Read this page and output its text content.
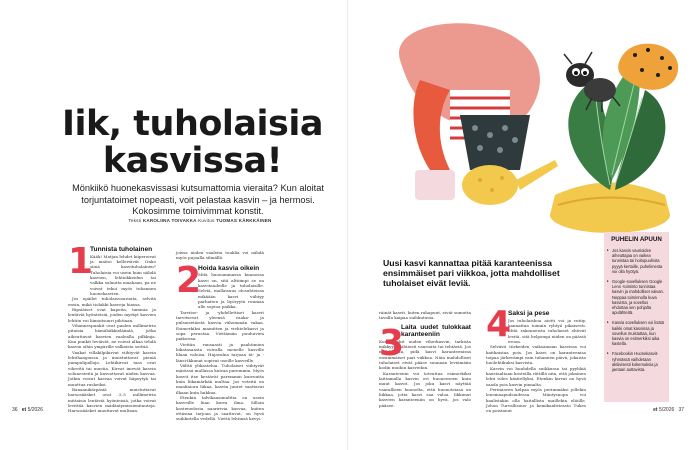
Iik, tuholaisia kasvissa!

Mönkiikö huonekasvissasi kutsumattomia vieraita? Kun aloitat torjuntatoimet nopeasti, voit pelastaa kasvin – ja hermosi. Kokosimme toimivimmat konstit.

Teksti KAROLIINA TOIVAKKA Kuvitus TUOMAS KÄRKKÄINEN
1
Tunnista tuholainen

Kääk! Matjan lehdet kiiperoivat ja maitoi kellertävät. Onko siinä kasvituholainen? Tuholaisia voi usein kuin nähdä kasvien, lehtiokkeiden tai valkka sulautta maahaan, pa ne voivat tekoi myös tuhannen huonekasvien.

Jos epäilet tuholaisvaurioita, selvitä ensin, mikä tiolakki kasveja hiassa.

Ripsiäiset ovat kapeita, tummia ja lentäviä hyönteisiä, joiden myrkyt kasvien lehtiin voi liimoitsuuri pihtiaan.

Vihannespunkit ovat paalen millimetrin pituisia hämähäkkieläimiä, jotka aiheuttavat kasvien vaalealla pilkkuja. Kun punkit leviävät, ne voivat alkaa tehdä kasvin oihin ympärille valkoista seittiä.

Vaakat villakilpikirvat viihtyvät kasvin lehtihangoissa ja muistuttavat pieniä pumpulipalloja. Lehtikirvat taas ovat vihreitä tai mustia. Kirvat imevät kasvin solunesteitä ja kasvattavat niiden kasvua. Jotkin voivat kasvaa voivat häpeytyä tai muuttua ruskeiksi.

Banaanikärpäsiä muistuttavat harsosääsket ovat 3–5 millimetrin mittaisia lentäviä hyönteisiä, jotka voivat levittää kasvien mädäntymissienitauteja. Harsosääsket muuttavat multaan.

joissa niiden vaaleita touklia voi nähdä myös pujoalla silmällä.

2
Hoida kasvia oikein

Mitä huonommassa kunnossa kasvi on, sitä alttiimpi se on kasvitaudeille ja tuholaisille. Selviä, mallaisuus olosuhteissa mikäään kasvi viihtyy parhaiten ja liyöryytä ruumaa alle soptoa paikka.

Tarvitse- ja -yhdellettiset kasvit tarvitsevat yleensä vaaka- ja pulsuisetäistä kasvia vähemmän vakaa. Esimerkiksi mainitten ja viehtelekasvi ja sopa perustaa. Viettämän puuhuvien paikoissa.

Viettän runsaasti ja paahtimien liikatasaasta voivalla monelle kasville lilaan valoisa. Hajavalna tarjoaa tä- ja - länsi-ikkunat sopivat useille kasveille.

Välttä ylikastelua. Tuholaiset viihtyvät märässä mullassa kuivaa paremmin. Myös kasvit itse kestävät paremmin kuivuutta kuin liikamärkää multaa. Jos veteitä on maaliniora liikaa, kasvin juuret saattavat ilkaan kuin hukkua.

Etenkin talvikausimulttia on usein kasveille liian kuiva ilma. Silloin kostenedosta naaririvia kasvaa, kuiten ettäsiaa tarjoaa ja saattuvat, on hyvä suihkutella vedellä. Viettä lehtinsä kevyi.

36 et 5/2026
Uusi kasvi kannattaa pitää karanteenissa ensimmäiset pari viikkoa, jotta mahdolliset tuholaiset eivät leviä.

räinät kasvit, kuten rahapuut, eivät sumutta tavalla kaipaa suihkutusta.

3
Laita uudet tulokkaat karanteeniin

Kun hankit uuden viherkasvin, tarkista mikkyyleksihtiesti vaurioita tai tehtäviä. Jos mahdollista, pidä kasvi karanteenissa ensimmäiset pari viikkoa. Näin mahdolliset tuholaiset eivät pääse suunaan leviämään kodin muihin kasveihin.

Karanteenin voi toteuttaa esimerkiksi laittamalla kasvin eri huoneeseen kuin muut kasvit. Jos joku kasvi näyttää vaarallisen huonolta, että huonoteiasa on liikkaa, jotta kasvi saa valoa. Iikkunat kasvien karanteeniin on hyvä, jos valo pääsee.

4
Saksi ja pese

Jos tuholaisboa aiotti voi ja rutiiy, kannattaa toimiin ryhtyä pikaisesti. Mitä rakenneistu tuholaiset ehtivät levitä, sitä helpompi niiden on päästä eroon.

Selvästi tiirkeiden vaiksamaan kasvissa voi kaitkaistaa pois. Jos kasvi on karanteenisa toipaa järkevämpi vain tuhannen päivä, jokaista huolehtikuksi kasvista.

Kasvin voi huuhdella suihkussa tai pyyhkiä kaustaaltaan kosteilla rättillä niin, että jokainen lehti tulee käsitellyksi. Etenkin kirvat on hyvä saada pois kasvin pinnalta.

Perimiseen kelpaa myös perimmäksi jollekin lenemaapudsiudessa. Mäntysuopa voi kaalistakin olla haitallista muillekin eliöille. Johon Turvallisuus- ja kemikaalivirasto Tukes on poistanut

PUHELIN APUUN
▸ Jos kasvin vaurioiden aiheuttajaa on vaikea tunnistaa tai hoitopuuhista pyyyä kertaille, puhelimesta voi olla hyötyä.
▸ Google-sovelluksen Google Lens -toiminto tunnistaa kasvin ja mahdolliset vaivan. Neppaa toiminnolla kuva kasvista, ja sovellus ehdottaa sen pohjalta apulähteitä.
▸ Kasvia sovelluksen voi lisätä kaikki omat kasvinsa ja sovellus muistuttaa, kun kasvia on esimerkiksi aika kastella.
▸ Facebookin Huonekasvit-ryhmässä vaihdetaan aktiivisesti kokemuksia ja jaetaan auttavista.
et 5/2026 37
